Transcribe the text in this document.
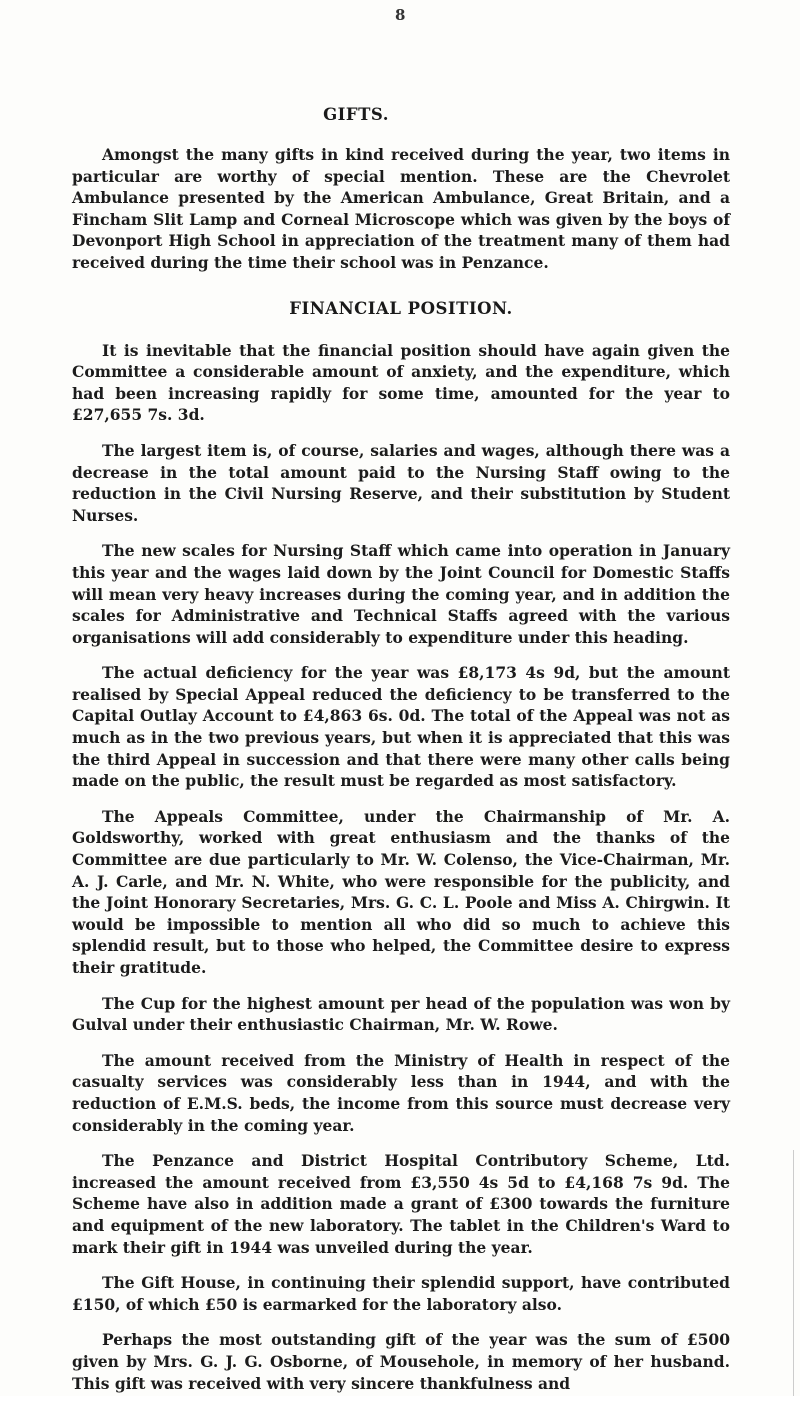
8
GIFTS.

Amongst the many gifts in kind received during the year, two items in particular are worthy of special mention. These are the Chevrolet Ambulance presented by the American Ambulance, Great Britain, and a Fincham Slit Lamp and Corneal Microscope which was given by the boys of Devonport High School in appreciation of the treatment many of them had received during the time their school was in Penzance.

FINANCIAL POSITION.

It is inevitable that the financial position should have again given the Committee a considerable amount of anxiety, and the expenditure, which had been increasing rapidly for some time, amounted for the year to £27,655 7s. 3d.

The largest item is, of course, salaries and wages, although there was a decrease in the total amount paid to the Nursing Staff owing to the reduction in the Civil Nursing Reserve, and their substitution by Student Nurses.

The new scales for Nursing Staff which came into operation in January this year and the wages laid down by the Joint Council for Domestic Staffs will mean very heavy increases during the coming year, and in addition the scales for Administrative and Technical Staffs agreed with the various organisations will add considerably to expenditure under this heading.

The actual deficiency for the year was £8,173 4s 9d, but the amount realised by Special Appeal reduced the deficiency to be transferred to the Capital Outlay Account to £4,863 6s. 0d. The total of the Appeal was not as much as in the two previous years, but when it is appreciated that this was the third Appeal in succession and that there were many other calls being made on the public, the result must be regarded as most satisfactory.

The Appeals Committee, under the Chairmanship of Mr. A. Goldsworthy, worked with great enthusiasm and the thanks of the Committee are due particularly to Mr. W. Colenso, the Vice-Chairman, Mr. A. J. Carle, and Mr. N. White, who were responsible for the publicity, and the Joint Honorary Secretaries, Mrs. G. C. L. Poole and Miss A. Chirgwin. It would be impossible to mention all who did so much to achieve this splendid result, but to those who helped, the Committee desire to express their gratitude.

The Cup for the highest amount per head of the population was won by Gulval under their enthusiastic Chairman, Mr. W. Rowe.

The amount received from the Ministry of Health in respect of the casualty services was considerably less than in 1944, and with the reduction of E.M.S. beds, the income from this source must decrease very considerably in the coming year.

The Penzance and District Hospital Contributory Scheme, Ltd. increased the amount received from £3,550 4s 5d to £4,168 7s 9d. The Scheme have also in addition made a grant of £300 towards the furniture and equipment of the new laboratory. The tablet in the Children's Ward to mark their gift in 1944 was unveiled during the year.

The Gift House, in continuing their splendid support, have contributed £150, of which £50 is earmarked for the laboratory also.

Perhaps the most outstanding gift of the year was the sum of £500 given by Mrs. G. J. G. Osborne, of Mousehole, in memory of her husband. This gift was received with very sincere thankfulness and
